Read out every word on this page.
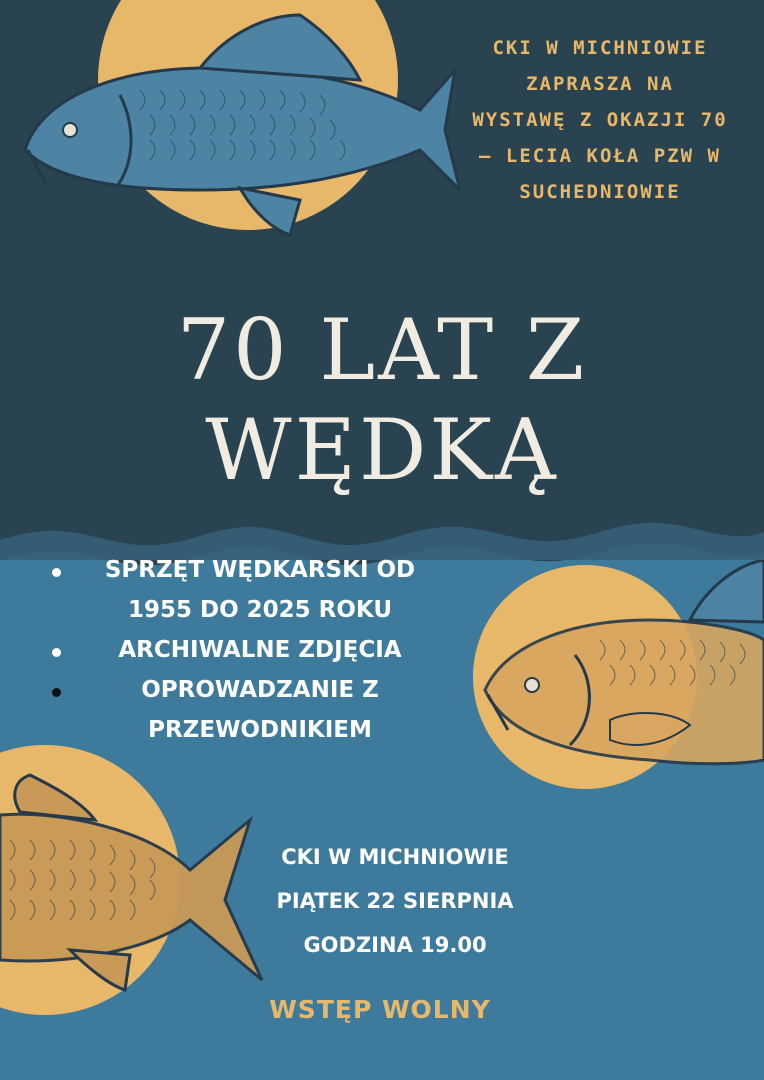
CKI W MICHNIOWIE
ZAPRASZA NA
WYSTAWĘ Z OKAZJI 70
– LECIA KOŁA PZW W
SUCHEDNIOWIE
70 LAT Z
WĘDKĄ
SPRZĘT WĘDKARSKI OD 1955 DO 2025 ROKU
ARCHIWALNE ZDJĘCIA
OPROWADZANIE Z PRZEWODNIKIEM
CKI W MICHNIOWIE
PIĄTEK 22 SIERPNIA
GODZINA 19.00
WSTĘP WOLNY
